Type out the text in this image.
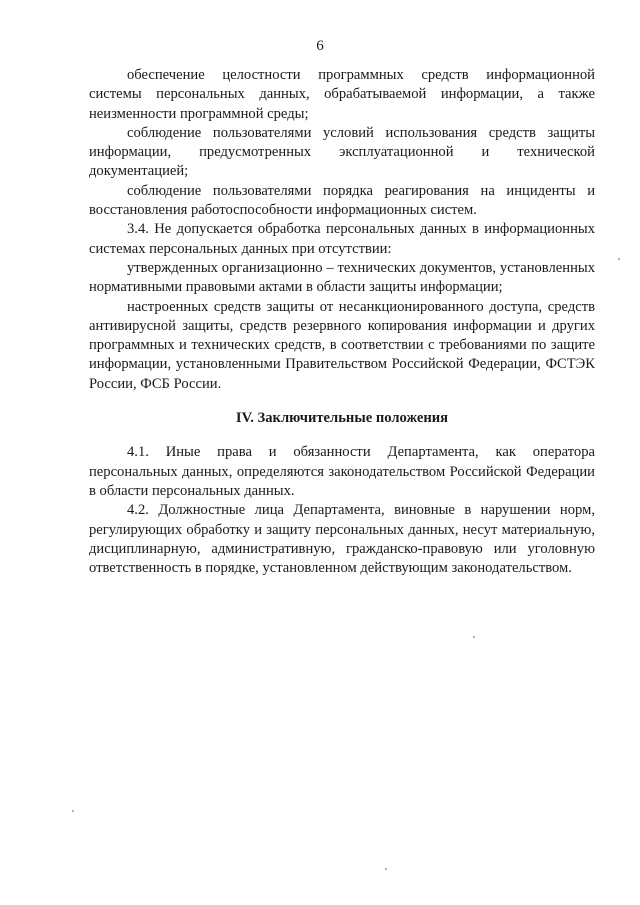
6

обеспечение целостности программных средств информационной системы персональных данных, обрабатываемой информации, а также неизменности программной среды;

соблюдение пользователями условий использования средств защиты информации, предусмотренных эксплуатационной и технической документацией;

соблюдение пользователями порядка реагирования на инциденты и восстановления работоспособности информационных систем.

3.4. Не допускается обработка персональных данных в информационных системах персональных данных при отсутствии:

утвержденных организационно – технических документов, установленных нормативными правовыми актами в области защиты информации;

настроенных средств защиты от несанкционированного доступа, средств антивирусной защиты, средств резервного копирования информации и других программных и технических средств, в соответствии с требованиями по защите информации, установленными Правительством Российской Федерации, ФСТЭК России, ФСБ России.

IV. Заключительные положения

4.1. Иные права и обязанности Департамента, как оператора персональных данных, определяются законодательством Российской Федерации в области персональных данных.

4.2. Должностные лица Департамента, виновные в нарушении норм, регулирующих обработку и защиту персональных данных, несут материальную, дисциплинарную, административную, гражданско-правовую или уголовную ответственность в порядке, установленном действующим законодательством.
